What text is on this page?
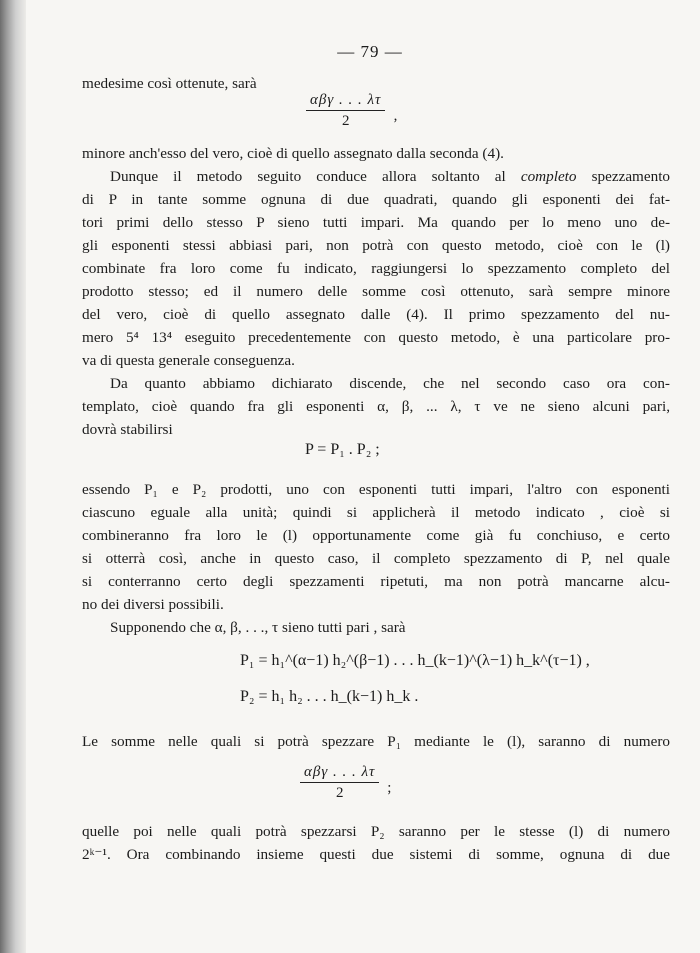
— 79 —
medesime così ottenute, sarà
αβγ . . . λτ
2	,
minore anch'esso del vero, cioè di quello assegnato dalla seconda (4).
Dunque il metodo seguito conduce allora soltanto al completo spezzamento
di P in tante somme ognuna di due quadrati, quando gli esponenti dei fat-
tori primi dello stesso P sieno tutti impari. Ma quando per lo meno uno de-
gli esponenti stessi abbiasi pari, non potrà con questo metodo, cioè con le (l)
combinate fra loro come fu indicato, raggiungersi lo spezzamento completo del
prodotto stesso; ed il numero delle somme così ottenuto, sarà sempre minore
del vero, cioè di quello assegnato dalle (4). Il primo spezzamento del nu-
mero 5⁴ 13⁴ eseguito precedentemente con questo metodo, è una particolare pro-
va di questa generale conseguenza.
Da quanto abbiamo dichiarato discende, che nel secondo caso ora con-
templato, cioè quando fra gli esponenti α, β, ... λ, τ ve ne sieno alcuni pari,
dovrà stabilirsi
P = P₁ . P₂ ;
essendo P₁ e P₂ prodotti, uno con esponenti tutti impari, l'altro con esponenti
ciascuno eguale alla unità; quindi si applicherà il metodo indicato , cioè si
combineranno fra loro le (l) opportunamente come già fu conchiuso, e certo
si otterrà così, anche in questo caso, il completo spezzamento di P, nel quale
si conterranno certo degli spezzamenti ripetuti, ma non potrà mancarne alcu-
no dei diversi possibili.
Supponendo che α, β, . . ., τ sieno tutti pari , sarà
P₁ = h₁^(α−1) h₂^(β−1) . . . h_(k−1)^(λ−1) h_k^(τ−1) ,
P₂ = h₁ h₂ . . . h_(k−1) h_k .
Le somme nelle quali si potrà spezzare P₁ mediante le (l), saranno di numero
αβγ . . . λτ
2	;
quelle poi nelle quali potrà spezzarsi P₂ saranno per le stesse (l) di numero
2ᵏ⁻¹. Ora combinando insieme questi due sistemi di somme, ognuna di due
